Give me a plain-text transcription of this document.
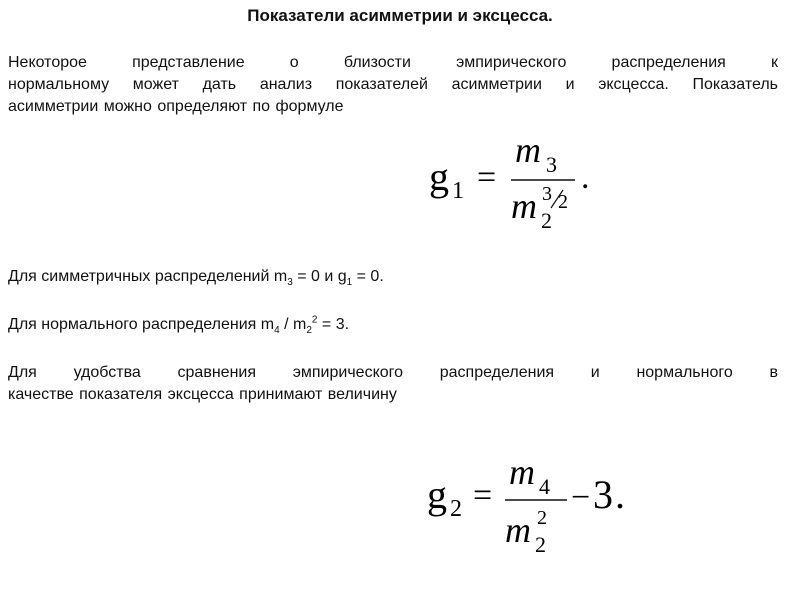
Показатели асимметрии и эксцесса.
Некоторое представление о близости эмпирического распределения к
нормальному может дать анализ показателей асимметрии и эксцесса. Показатель
асимметрии можно определяют по формуле
g 1 =
m 3
m 2
3 2
.
Для симметричных распределений $m_3 = 0$ и $g_1 = 0$.
Для нормального распределения $m_4 / m_2^2 = 3$.
Для удобства сравнения эмпирического распределения и нормального в
качестве показателя эксцесса принимают величину
g 2 =
m 4
m 2
2
− 3 .
